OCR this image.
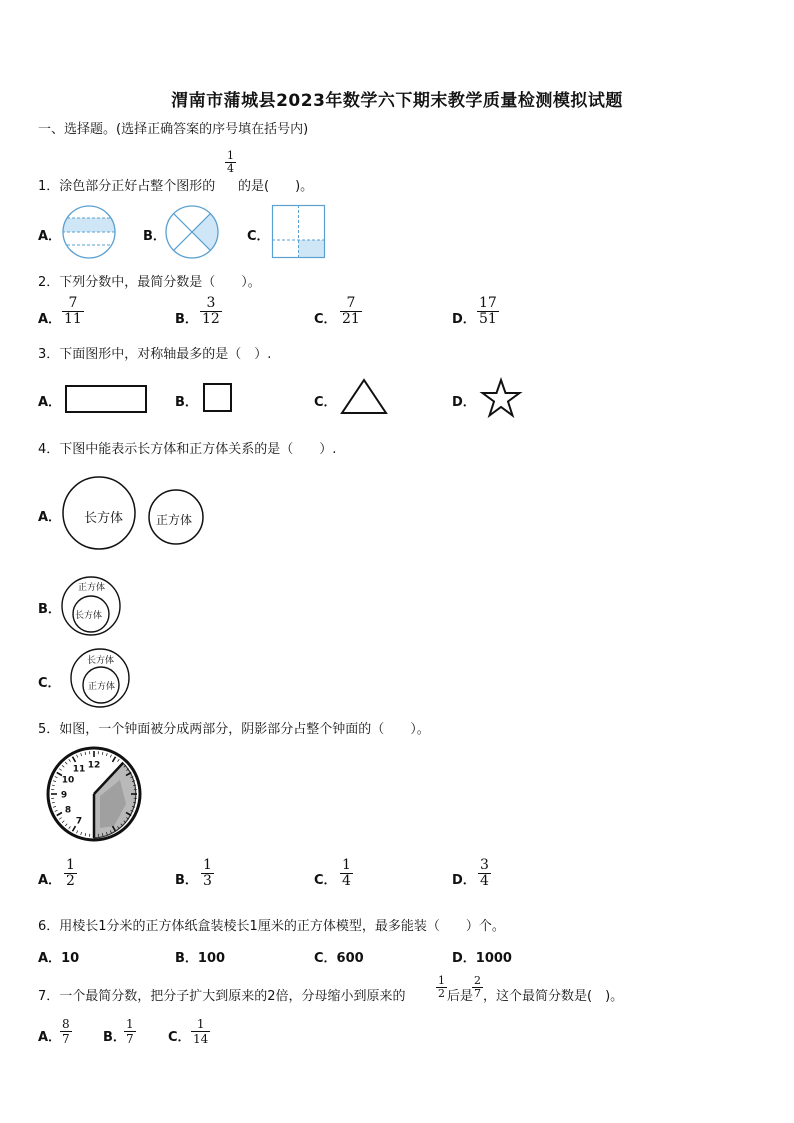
渭南市蒲城县2023年数学六下期末教学质量检测模拟试题
一、选择题。(选择正确答案的序号填在括号内)
1．涂色部分正好占整个图形的
1
4
的是(　　)。
A．	B．	C．
2．下列分数中，最简分数是（　　）。
A．
7
11	B．
3
12	C．
7
21	D．
17
51
3．下面图形中，对称轴最多的是（　）.
A．	B．	C．	D．
4．下图中能表示长方体和正方体关系的是（　　）.
A． 长方体	正方体
B．
正方体
长方体
C．
长方体
正方体
5．如图，一个钟面被分成两部分，阴影部分占整个钟面的（　　）。
12
7
8
9
10
11
A．
1
2	B．
1
3	C．
1
4	D．
3
4
6．用棱长1分米的正方体纸盒装棱长1厘米的正方体模型，最多能装（　　）个。
A．10	B．100	C．600	D．1000
7．一个最简分数，把分子扩大到原来的2倍，分母缩小到原来的
1
2 后是
2
7 ，这个最简分数是(　)。
A．
8
7	B．
1
7	C．
1
14
